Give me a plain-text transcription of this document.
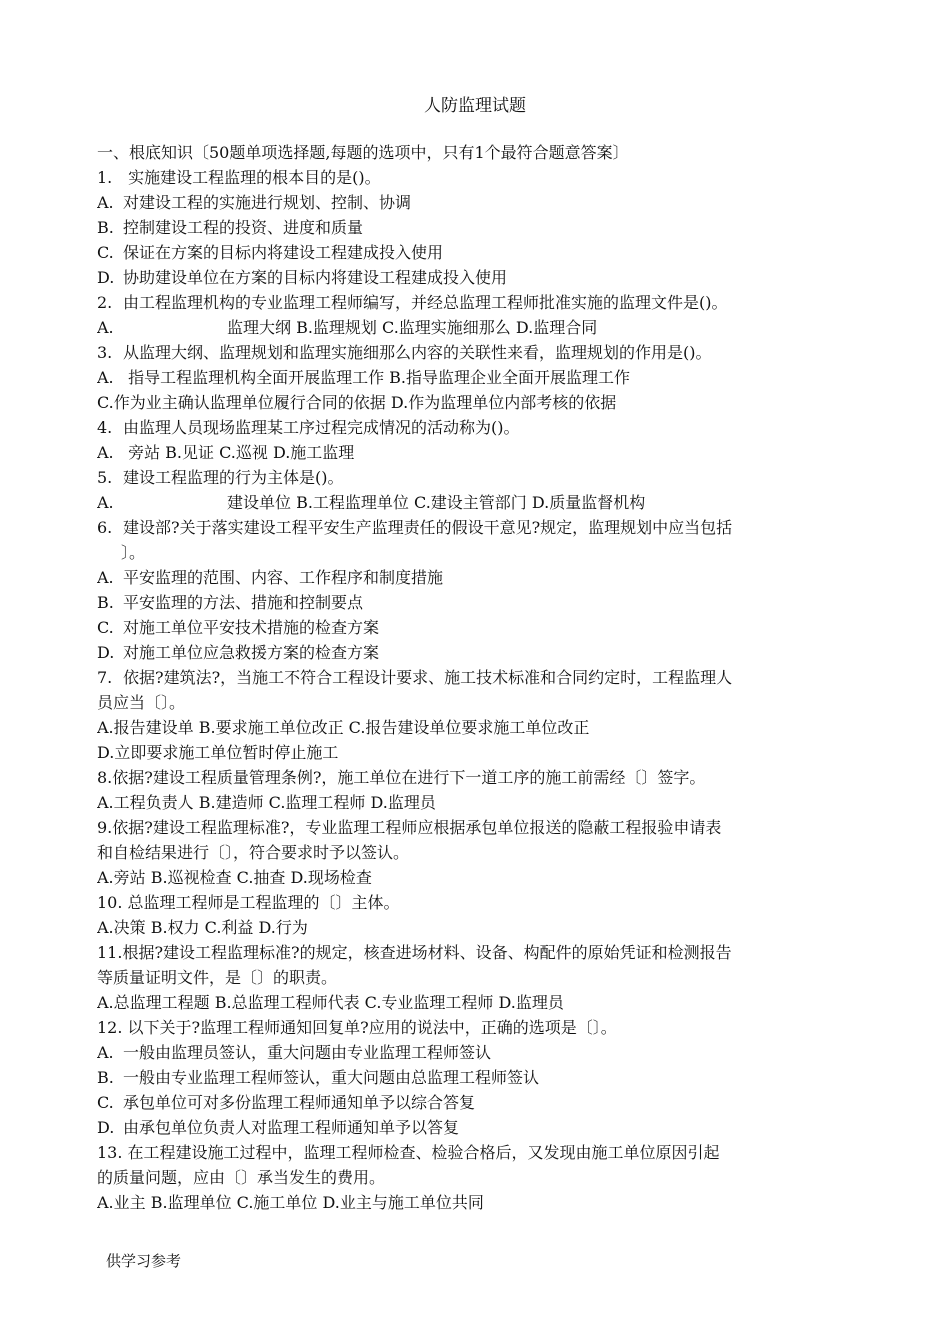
人防监理试题
一、根底知识〔50题单项选择题,每题的选项中，只有1个最符合题意答案〕
1. 实施建设工程监理的根本目的是()。
A. 对建设工程的实施进行规划、控制、协调
B. 控制建设工程的投资、进度和质量
C. 保证在方案的目标内将建设工程建成投入使用
D. 协助建设单位在方案的目标内将建设工程建成投入使用
2. 由工程监理机构的专业监理工程师编写，并经总监理工程师批准实施的监理文件是()。
A.	监理大纲 B.监理规划 C.监理实施细那么 D.监理合同
3. 从监理大纲、监理规划和监理实施细那么内容的关联性来看，监理规划的作用是()。
A. 指导工程监理机构全面开展监理工作 B.指导监理企业全面开展监理工作
C.作为业主确认监理单位履行合同的依据 D.作为监理单位内部考核的依据
4. 由监理人员现场监理某工序过程完成情况的活动称为()。
A. 旁站 B.见证 C.巡视 D.施工监理
5. 建设工程监理的行为主体是()。
A.	建设单位 B.工程监理单位 C.建设主管部门 D.质量监督机构
6. 建设部?关于落实建设工程平安生产监理责任的假设干意见?规定，监理规划中应当包括
〕。
A. 平安监理的范围、内容、工作程序和制度措施
B. 平安监理的方法、措施和控制要点
C. 对施工单位平安技术措施的检查方案
D. 对施工单位应急救援方案的检查方案
7. 依据?建筑法?，当施工不符合工程设计要求、施工技术标准和合同约定时，工程监理人
员应当〔〕。
A.报告建设单 B.要求施工单位改正 C.报告建设单位要求施工单位改正
D.立即要求施工单位暂时停止施工
8.依据?建设工程质量管理条例?，施工单位在进行下一道工序的施工前需经〔〕签字。
A.工程负责人 B.建造师 C.监理工程师 D.监理员
9.依据?建设工程监理标准?，专业监理工程师应根据承包单位报送的隐蔽工程报验申请表
和自检结果进行〔〕，符合要求时予以签认。
A.旁站 B.巡视检查 C.抽查 D.现场检查
10. 总监理工程师是工程监理的〔〕主体。
A.决策 B.权力 C.利益 D.行为
11.根据?建设工程监理标准?的规定，核查进场材料、设备、构配件的原始凭证和检测报告
等质量证明文件，是〔〕的职责。
A.总监理工程题 B.总监理工程师代表 C.专业监理工程师 D.监理员
12. 以下关于?监理工程师通知回复单?应用的说法中，正确的选项是〔〕。
A. 一般由监理员签认，重大问题由专业监理工程师签认
B. 一般由专业监理工程师签认，重大问题由总监理工程师签认
C. 承包单位可对多份监理工程师通知单予以综合答复
D. 由承包单位负责人对监理工程师通知单予以答复
13. 在工程建设施工过程中，监理工程师检查、检验合格后，又发现由施工单位原因引起
的质量问题，应由〔〕承当发生的费用。
A.业主 B.监理单位 C.施工单位 D.业主与施工单位共同
供学习参考
